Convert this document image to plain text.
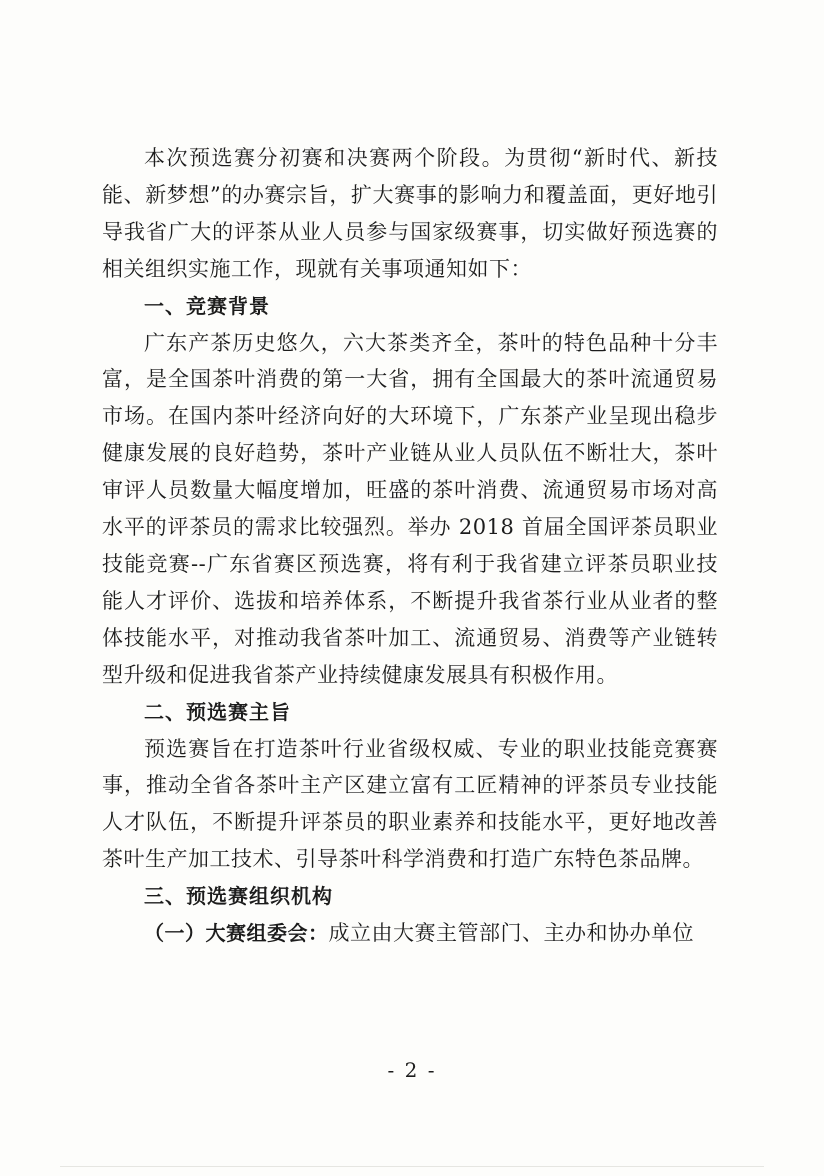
本次预选赛分初赛和决赛两个阶段。为贯彻“新时代、新技能、新梦想”的办赛宗旨，扩大赛事的影响力和覆盖面，更好地引导我省广大的评茶从业人员参与国家级赛事，切实做好预选赛的相关组织实施工作，现就有关事项通知如下：

一、竞赛背景

广东产茶历史悠久，六大茶类齐全，茶叶的特色品种十分丰富，是全国茶叶消费的第一大省，拥有全国最大的茶叶流通贸易市场。在国内茶叶经济向好的大环境下，广东茶产业呈现出稳步健康发展的良好趋势，茶叶产业链从业人员队伍不断壮大，茶叶审评人员数量大幅度增加，旺盛的茶叶消费、流通贸易市场对高水平的评茶员的需求比较强烈。举办 2018 首届全国评茶员职业技能竞赛--广东省赛区预选赛，将有利于我省建立评茶员职业技能人才评价、选拔和培养体系，不断提升我省茶行业从业者的整体技能水平，对推动我省茶叶加工、流通贸易、消费等产业链转型升级和促进我省茶产业持续健康发展具有积极作用。

二、预选赛主旨

预选赛旨在打造茶叶行业省级权威、专业的职业技能竞赛赛事，推动全省各茶叶主产区建立富有工匠精神的评茶员专业技能人才队伍，不断提升评茶员的职业素养和技能水平，更好地改善茶叶生产加工技术、引导茶叶科学消费和打造广东特色茶品牌。

三、预选赛组织机构

（一）大赛组委会：成立由大赛主管部门、主办和协办单位

- 2 -
